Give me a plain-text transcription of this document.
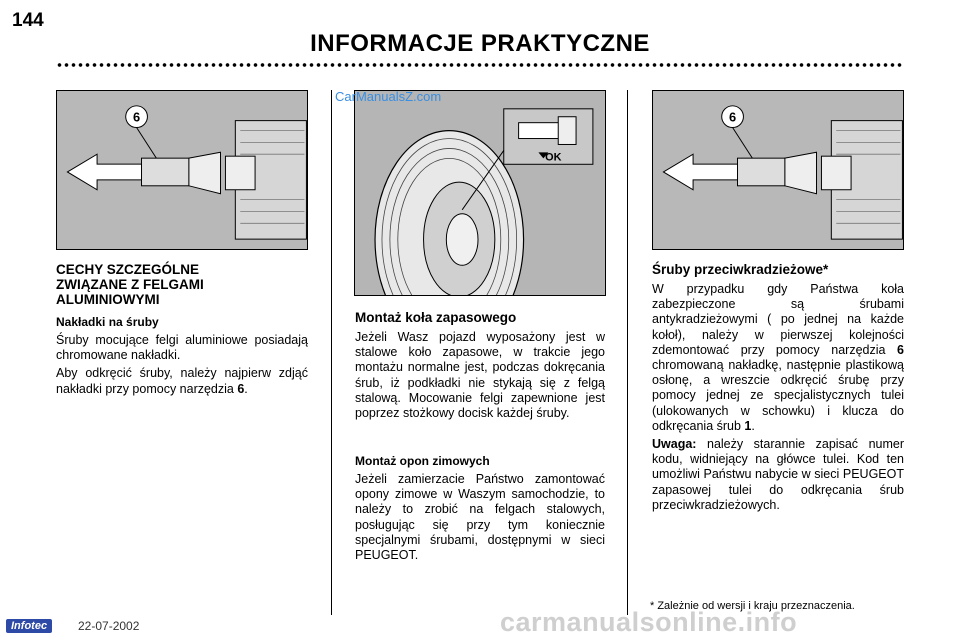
144
INFORMACJE PRAKTYCZNE
6
OK
CarManualsZ.com
6
CECHY SZCZEGÓLNE ZWIĄZANE Z FELGAMI ALUMINIOWYMI
Nakładki na śruby

Śruby mocujące felgi aluminiowe posiadają chromowane nakładki.

Aby odkręcić śruby, należy najpierw zdjąć nakładki przy pomocy narzędzia 6.

Montaż koła zapasowego
Jeżeli Wasz pojazd wyposażony jest w stalowe koło zapasowe, w trakcie jego montażu normalne jest, podczas dokręcania śrub, iż podkładki nie stykają się z felgą stalową. Mocowanie felgi zapewnione jest poprzez stożkowy docisk każdej śruby.
Montaż opon zimowych
Jeżeli zamierzacie Państwo zamontować opony zimowe w Waszym samochodzie, to należy to zrobić na felgach stalowych, posługując się przy tym koniecznie specjalnymi śrubami, dostępnymi w sieci PEUGEOT.
Śruby przeciwkradzieżowe*

W przypadku gdy Państwa koła zabezpieczone są śrubami antykradzieżowymi ( po jednej na każde kołoł), należy w pierwszej kolejności zdemontować przy pomocy narzędzia 6 chromowaną nakładkę, następnie plastikową osłonę, a wreszcie odkręcić śrubę przy pomocy jednej ze specjalistycznych tulei (ulokowanych w schowku) i klucza do odkręcania śrub 1.

Uwaga: należy starannie zapisać numer kodu, widniejący na główce tulei. Kod ten umożliwi Państwu nabycie w sieci PEUGEOT zapasowej tulei do odkręcania śrub przeciwkradzieżowych.

* Zależnie od wersji i kraju przeznaczenia.
Infotec	22-07-2002	carmanualsonline.info
